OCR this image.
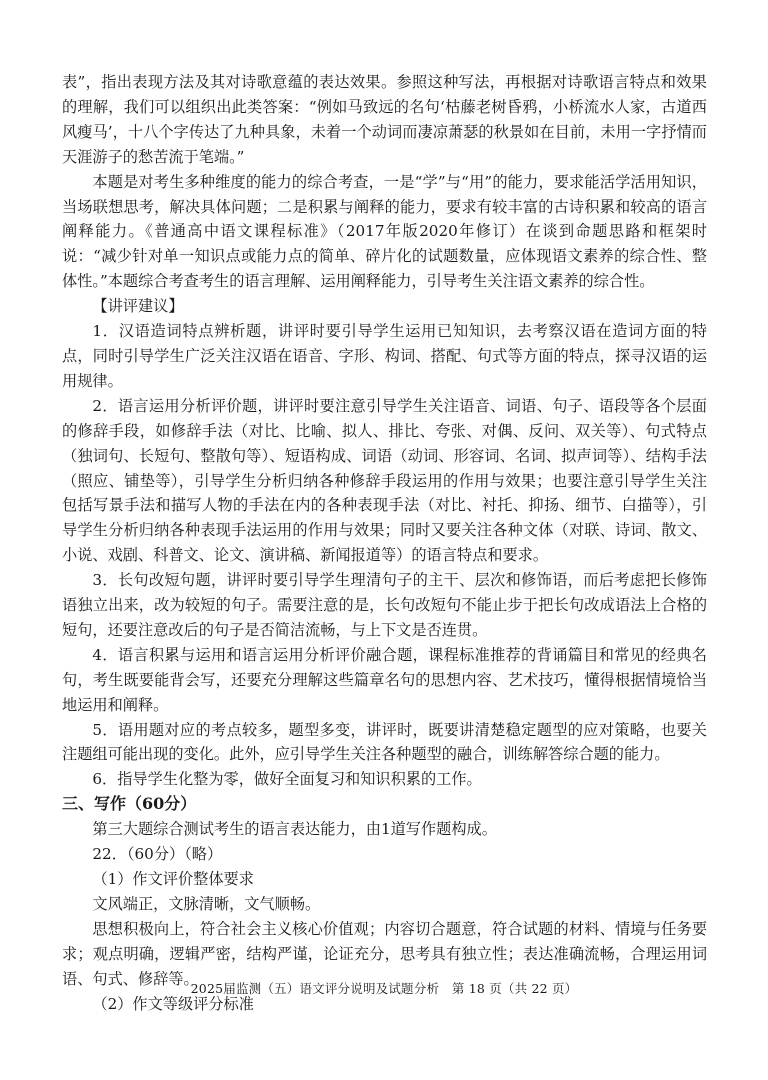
表”，指出表现方法及其对诗歌意蕴的表达效果。参照这种写法，再根据对诗歌语言特点和效果的理解，我们可以组织出此类答案：“例如马致远的名句‘枯藤老树昏鸦，小桥流水人家，古道西风瘦马’，十八个字传达了九种具象，未着一个动词而凄凉萧瑟的秋景如在目前，未用一字抒情而天涯游子的愁苦流于笔端。”

本题是对考生多种维度的能力的综合考查，一是“学”与“用”的能力，要求能活学活用知识，当场联想思考，解决具体问题；二是积累与阐释的能力，要求有较丰富的古诗积累和较高的语言阐释能力。《普通高中语文课程标准》（2017年版2020年修订）在谈到命题思路和框架时说：“减少针对单一知识点或能力点的简单、碎片化的试题数量，应体现语文素养的综合性、整体性。”本题综合考查考生的语言理解、运用阐释能力，引导考生关注语文素养的综合性。

【讲评建议】

1．汉语造词特点辨析题，讲评时要引导学生运用已知知识，去考察汉语在造词方面的特点，同时引导学生广泛关注汉语在语音、字形、构词、搭配、句式等方面的特点，探寻汉语的运用规律。

2．语言运用分析评价题，讲评时要注意引导学生关注语音、词语、句子、语段等各个层面的修辞手段，如修辞手法（对比、比喻、拟人、排比、夸张、对偶、反问、双关等）、句式特点（独词句、长短句、整散句等）、短语构成、词语（动词、形容词、名词、拟声词等）、结构手法（照应、铺垫等），引导学生分析归纳各种修辞手段运用的作用与效果；也要注意引导学生关注包括写景手法和描写人物的手法在内的各种表现手法（对比、衬托、抑扬、细节、白描等），引导学生分析归纳各种表现手法运用的作用与效果；同时又要关注各种文体（对联、诗词、散文、小说、戏剧、科普文、论文、演讲稿、新闻报道等）的语言特点和要求。

3．长句改短句题，讲评时要引导学生理清句子的主干、层次和修饰语，而后考虑把长修饰语独立出来，改为较短的句子。需要注意的是，长句改短句不能止步于把长句改成语法上合格的短句，还要注意改后的句子是否简洁流畅，与上下文是否连贯。

4．语言积累与运用和语言运用分析评价融合题，课程标准推荐的背诵篇目和常见的经典名句，考生既要能背会写，还要充分理解这些篇章名句的思想内容、艺术技巧，懂得根据情境恰当地运用和阐释。

5．语用题对应的考点较多，题型多变，讲评时，既要讲清楚稳定题型的应对策略，也要关注题组可能出现的变化。此外，应引导学生关注各种题型的融合，训练解答综合题的能力。

6．指导学生化整为零，做好全面复习和知识积累的工作。

三、写作（60分）

第三大题综合测试考生的语言表达能力，由1道写作题构成。

22．（60分）（略）

（1）作文评价整体要求

文风端正，文脉清晰，文气顺畅。

思想积极向上，符合社会主义核心价值观；内容切合题意，符合试题的材料、情境与任务要求；观点明确，逻辑严密，结构严谨，论证充分，思考具有独立性；表达准确流畅，合理运用词语、句式、修辞等。

（2）作文等级评分标准

2025届监测（五）语文评分说明及试题分析　第 18 页（共 22 页）
